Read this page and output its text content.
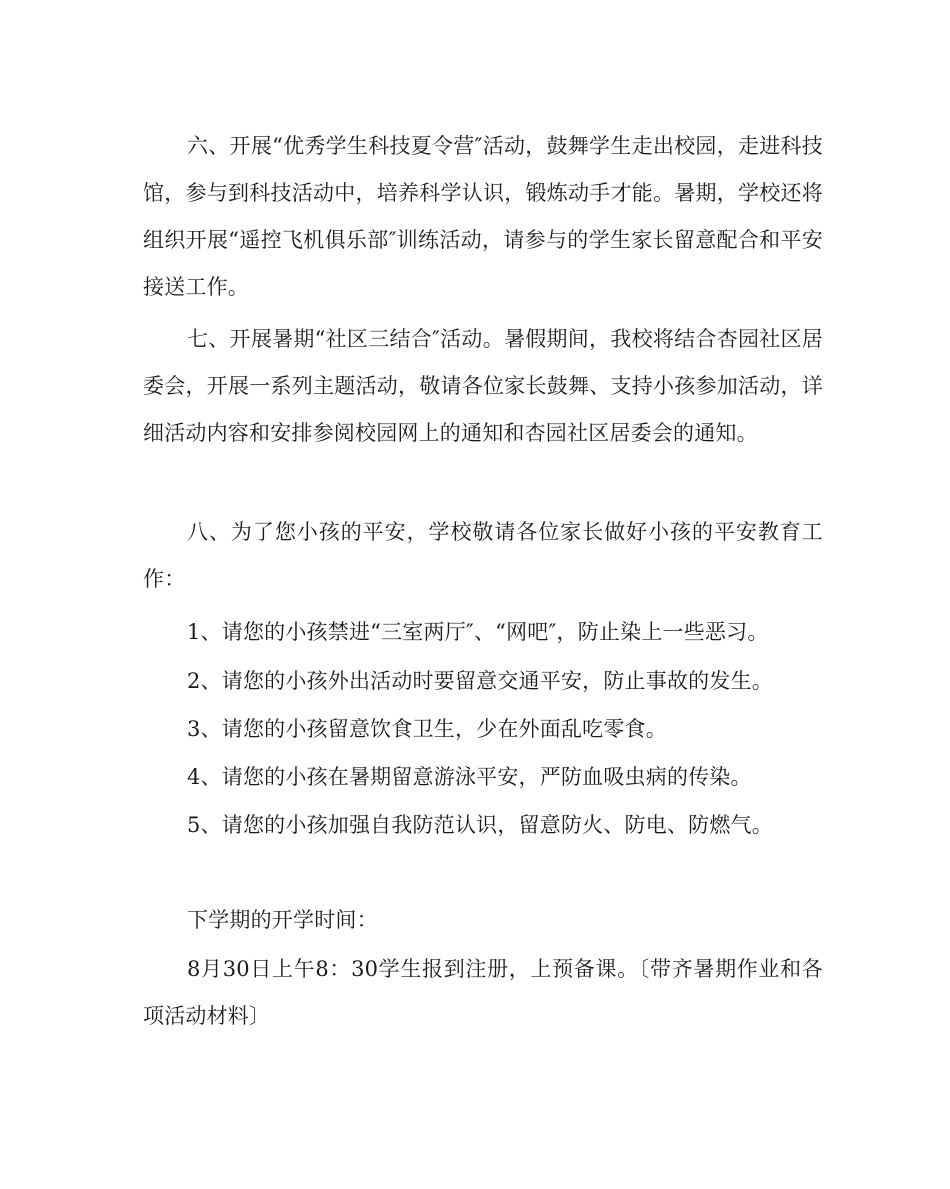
六、开展“优秀学生科技夏令营″活动，鼓舞学生走出校园，走进科技馆，参与到科技活动中，培养科学认识，锻炼动手才能。暑期，学校还将组织开展“遥控飞机俱乐部″训练活动，请参与的学生家长留意配合和平安接送工作。

七、开展暑期“社区三结合″活动。暑假期间，我校将结合杏园社区居委会，开展一系列主题活动，敬请各位家长鼓舞、支持小孩参加活动，详细活动内容和安排参阅校园网上的通知和杏园社区居委会的通知。

八、为了您小孩的平安，学校敬请各位家长做好小孩的平安教育工作：

1、请您的小孩禁进“三室两厅″、“网吧″，防止染上一些恶习。

2、请您的小孩外出活动时要留意交通平安，防止事故的发生。

3、请您的小孩留意饮食卫生，少在外面乱吃零食。

4、请您的小孩在暑期留意游泳平安，严防血吸虫病的传染。

5、请您的小孩加强自我防范认识，留意防火、防电、防燃气。

下学期的开学时间：

8月30日上午8：30学生报到注册，上预备课。〔带齐暑期作业和各项活动材料〕
